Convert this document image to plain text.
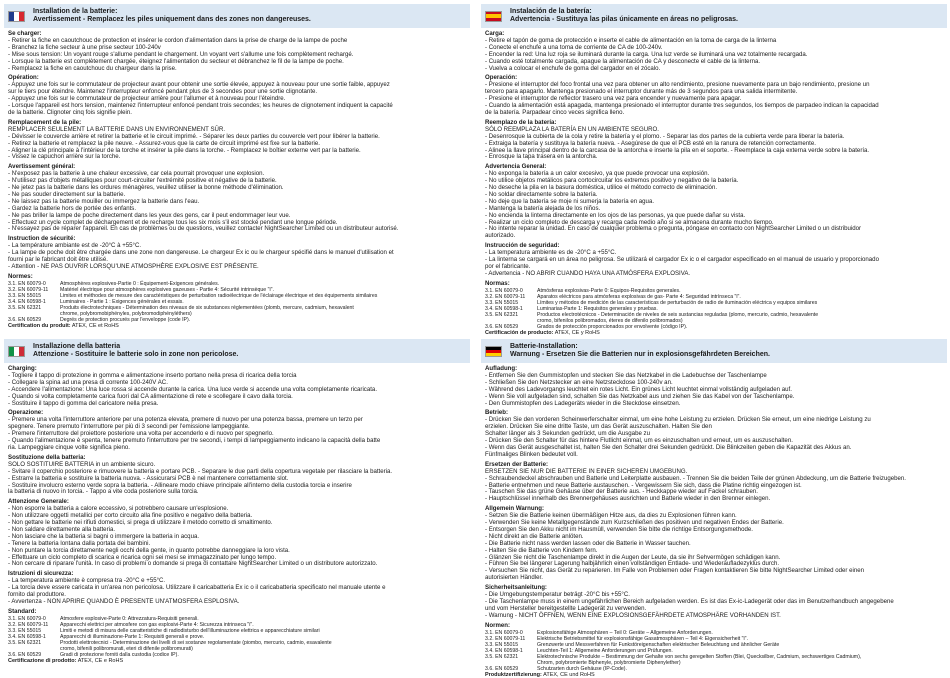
Installation de la batterie:
Avertissement - Remplacez les piles uniquement dans des zones non dangereuses.
Se charger:
- Retirer la fiche en caoutchouc de protection et insérer le cordon d'alimentation dans la prise de charge de la lampe de poche
- Branchez la fiche secteur à une prise secteur 100-240v
- Mise sous tension: Un voyant rouge s'allume pendant le chargement. Un voyant vert s'allume une fois complètement rechargé.
- Lorsque la batterie est complètement chargée, éteignez l'alimentation du secteur et débranchez le fil de la lampe de poche.
- Remplacez la fiche en caoutchouc du chargeur dans la prise.
Opération:
- Appuyez une fois sur le commutateur de projecteur avant pour obtenir une sortie élevée, appuyez à nouveau pour une sortie faible, appuyez
sur le tiers pour éteindre. Maintenez l'interrupteur enfoncé pendant plus de 3 secondes pour une sortie clignotante.
- Appuyez une fois sur le commutateur de projecteur arrière pour l'allumer et à nouveau pour l'éteindre.
- Lorsque l'appareil est hors tension, maintenez l'interrupteur enfoncé pendant trois secondes; les heures de clignotement indiquent la capacité
de la batterie. Clignoter cinq fois signifie plein.
Remplacement de la pile:
REMPLACER SEULEMENT LA BATTERIE DANS UN ENVIRONNEMENT SÛR.
- Dévisser le couvercle arrière et retirer la batterie et le circuit imprimé. - Séparer les deux parties du couvercle vert pour libérer la batterie.
- Retirez la batterie et remplacez la pile neuve. - Assurez-vous que la carte de circuit imprimé est fixe sur la batterie.
- Aligner la clé principale à l'intérieur de la torche et insérer la pile dans la torche. - Remplacez le boîtier externe vert par la batterie.
- Vissez le capuchon arrière sur la torche.
Avertissement général:
- N'exposez pas la batterie à une chaleur excessive, car cela pourrait provoquer une explosion.
- N'utilisez pas d'objets métalliques pour court-circuiter l'extrémité positive et négative de la batterie.
- Ne jetez pas la batterie dans les ordures ménagères, veuillez utiliser la bonne méthode d'élimination.
- Ne pas souder directement sur la batterie.
- Ne laissez pas la batterie mouiller ou immergez la batterie dans l'eau.
- Gardez la batterie hors de portée des enfants.
- Ne pas briller la lampe de poche directement dans les yeux des gens, car il peut endommager leur vue.
- Effectuez un cycle complet de déchargement et de recharge tous les six mois s'il est stocké pendant une longue période.
- N'essayez pas de réparer l'appareil. En cas de problèmes ou de questions, veuillez contacter NightSearcher Limited ou un distributeur autorisé.
Instruction de sécurité:
- La température ambiante est de -20°C à +55°C.
- La lampe de poche doit être chargée dans une zone non dangereuse. Le chargeur Ex ic ou le chargeur spécifié dans le manuel d'utilisation et
fourni par le fabricant doit être utilisé.
- Attention - NE PAS OUVRIR LORSQU'UNE ATMOSPHÈRE EXPLOSIVE EST PRÉSENTE.
Normes:
3.1. EN 60079-0	Atmosphères explosives-Partie 0 : Équipement-Exigences générales.
3.2. EN 60079-11	Matériel électrique pour atmosphères explosives gazeuses - Partie 4: Sécurité intrinsèque "i".
3.3. EN 55015	Limites et méthodes de mesure des caractéristiques de perturbation radioélectrique de l'éclairage électrique et des équipements similaires
3.4. EN 60598-1	Luminaires - Partie 1 : Exigences générales et essais.
3.5. EN 62321	Produits électrotechniques - Détermination des niveaux de six substances réglementées (plomb, mercure, cadmium, hexavalent
chrome, polybromobiphényles, polybromodiphényléthers)
3.6. EN 60529	Degrés de protection procurés par l'enveloppe (code IP).
Certification du produit: ATEX, CE et RoHS
Instalación de la batería:
Advertencia - Sustituya las pilas únicamente en áreas no peligrosas.
Carga:
- Retire el tapón de goma de protección e inserte el cable de alimentación en la toma de carga de la linterna
- Conecte el enchufe a una toma de corriente de CA de 100-240v.
- Encender la red: Una luz roja se iluminará durante la carga. Una luz verde se iluminará una vez totalmente recargada.
- Cuando esté totalmente cargada, apague la alimentación de CA y desconecte el cable de la linterna.
- Vuelva a colocar el enchufe de goma del cargador en el zócalo.
Operación:
- Presione el interruptor del foco frontal una vez para obtener un alto rendimiento, presione nuevamente para un bajo rendimiento, presione un
tercero para apagarlo. Mantenga presionado el interruptor durante más de 3 segundos para una salida intermitente.
- Presione el interruptor de reflector trasero una vez para encender y nuevamente para apagar.
- Cuando la alimentación está apagada, mantenga presionado el interruptor durante tres segundos, los tiempos de parpadeo indican la capacidad
de la batería. Parpadear cinco veces significa lleno.
Reemplazo de la batería:
SÓLO REEMPLAZA LA BATERÍA EN UN AMBIENTE SEGURO.
- Desenrosque la cubierta de la cola y retire la batería y el plomo. - Separar las dos partes de la cubierta verde para liberar la batería.
- Extraiga la batería y sustituya la batería nueva. - Asegúrese de que el PCB esté en la ranura de retención correctamente.
- Alinee la llave principal dentro de la carcasa de la antorcha e inserte la pila en el soporte. - Reemplace la caja externa verde sobre la batería.
- Enrosque la tapa trasera en la antorcha.
Advertencia General:
- No exponga la batería a un calor excesivo, ya que puede provocar una explosión.
- No utilice objetos metálicos para cortocircuitar los extremos positivo y negativo de la batería.
- No deseche la pila en la basura doméstica, utilice el método correcto de eliminación.
- No soldar directamente sobre la batería.
- No deje que la batería se moje ni sumerja la batería en agua.
- Mantenga la batería alejada de los niños.
- No encienda la linterna directamente en los ojos de las personas, ya que puede dañar su vista.
- Realizar un ciclo completo de descarga y recarga cada medio año si se almacena durante mucho tiempo.
- No intente reparar la unidad. En caso de cualquier problema o pregunta, póngase en contacto con NightSearcher Limited o un distribuidor
autorizado.
Instrucción de seguridad:
- La temperatura ambiente es de -20°C a +55°C.
- La linterna se cargará en un área no peligrosa. Se utilizará el cargador Ex ic o el cargador especificado en el manual de usuario y proporcionado
por el fabricante.
- Advertencia - NO ABRIR CUANDO HAYA UNA ATMÓSFERA EXPLOSIVA.
Normas:
3.1. EN 60079-0	Atmósferas explosivas-Parte 0: Equipos-Requisitos generales.
3.2. EN 60079-11	Aparatos eléctricos para atmósferas explosivas de gas- Parte 4: Seguridad intrínseca "i".
3.3. EN 55015	Límites y métodos de medición de las características de perturbación de radio de iluminación eléctrica y equipos similares
3.4. EN 60598-1	Luminarias-Parte 1: Requisitos generales y pruebas.
3.5. EN 62321	Productos electrotécnicos - Determinación de niveles de seis sustancias reguladas (plomo, mercurio, cadmio, hexavalente
cromo, bifenilos polibromados, éteres de difenilo polibromados)
3.6. EN 60529	Grados de protección proporcionados por envolvente (código IP).
Certificación de producto: ATEX, CE y RoHS
Installazione della batteria
Attenzione - Sostituire le batterie solo in zone non pericolose.
Charging:
- Togliere il tappo di protezione in gomma e alimentazione inserto portano nella presa di ricarica della torcia
- Collegare la spina ad una presa di corrente 100-240V AC.
- Accendere l'alimentazione: Una luce rossa si accende durante la carica. Una luce verde si accende una volta completamente ricaricata.
- Quando si volta completamente carica fuori dal CA alimentazione di rete e scollegare il cavo dalla torcia.
- Sostituire il tappo di gomma del caricatore nella presa.
Operazione:
- Premere una volta l'interruttore anteriore per una potenza elevata, premere di nuovo per una potenza bassa, premere un terzo per
spegnere. Tenere premuto l'interruttore per più di 3 secondi per l'emissione lampeggiante.
- Premere l'interruttore del proiettore posteriore una volta per accenderlo e di nuovo per spegnerlo.
- Quando l'alimentazione è spenta, tenere premuto l'interruttore per tre secondi, i tempi di lampeggiamento indicano la capacità della batte
ria. Lampeggiare cinque volte significa pieno.
Sostituzione della batteria:
SOLO SOSTITUIRE BATTERIA in un ambiente sicuro.
- Svitare il coperchio posteriore e rimuovere la batteria e portare PCB. - Separare le due parti della copertura vegetale per rilasciare la batteria.
- Estrarre la batteria e sostituire la batteria nuova. - Assicurarsi PCB è nel mantenere correttamente slot.
- Sostituire involucro esterno verde sopra la batteria. - Allineare modo chiave principale all'interno della custodia torcia e inserire
la batteria di nuovo in torcia. - Tappo a vite coda posteriore sulla torcia.
Attenzione Generale:
- Non esporre la batteria a calore eccessivo, si potrebbero causare un'esplosione.
- Non utilizzare oggetti metallici per corto circuito alla fine positivo e negativo della batteria.
- Non gettare le batterie nei rifiuti domestici, si prega di utilizzare il metodo corretto di smaltimento.
- Non saldare direttamente alla batteria.
- Non lasciare che la batteria si bagni o immergere la batteria in acqua.
- Tenere la batteria lontana dalla portata dei bambini.
- Non puntare la torcia direttamente negli occhi della gente, in quanto potrebbe danneggiare la loro vista.
- Effettuare un ciclo completo di scarica e ricarica ogni sei mesi se immagazzinato per lungo tempo.
- Non cercare di riparare l'unità. In caso di problemi o domande si prega di contattare NightSearcher Limited o un distributore autorizzato.
Istruzioni di sicurezza:
- La temperatura ambiente è compresa tra -20°C e +55°C.
- La torcia deve essere caricata in un'area non pericolosa. Utilizzare il caricabatteria Ex ic o il caricabatteria specificato nel manuale utente e
fornito dal produttore.
- Avvertenza - NON APRIRE QUANDO È PRESENTE UN'ATMOSFERA ESPLOSIVA.
Standard:
3.1. EN 60079-0	Atmosfere esplosive-Parte 0: Attrezzatura-Requisiti generali.
3.2. EN 60079-11	Apparecchi elettrici per atmosfere con gas esplosivi-Parte 4: Sicurezza intrinseca "i".
3.3. EN 55015	Limiti e metodi di misura delle caratteristiche di radiodisturbo dell'illuminazione elettrica e apparecchiature similari
3.4. EN 60598-1	Apparecchi di illuminazione-Parte 1: Requisiti generali e prove.
3.5. EN 62321	Prodotti elettrotecnici - Determinazione dei livelli di sei sostanze regolamentate (piombo, mercurio, cadmio, esavalente
cromo, bifenili polibromurati, eteri di difenile polibromurati)
3.6. EN 60529	Gradi di protezione forniti dalla custodia (codice IP).
Certificazione di prodotto: ATEX, CE e RoHS
Batterie-Installation:
Warnung - Ersetzen Sie die Batterien nur in explosionsgefährdeten Bereichen.
Aufladung:
- Entfernen Sie den Gummistopfen und stecken Sie das Netzkabel in die Ladebuchse der Taschenlampe
- Schließen Sie den Netzstecker an eine Netzsteckdose 100-240v an.
- Während des Ladevorgangs leuchtet ein rotes Licht. Ein grünes Licht leuchtet einmal vollständig aufgeladen auf.
- Wenn Sie voll aufgeladen sind, schalten Sie das Netzkabel aus und ziehen Sie das Kabel von der Taschenlampe.
- Den Gummistopfen des Ladegeräts wieder in die Steckdose einsetzen.
Betrieb:
- Drücken Sie den vorderen Scheinwerferschalter einmal, um eine hohe Leistung zu erzielen. Drücken Sie erneut, um eine niedrige Leistung zu
erzielen. Drücken Sie eine dritte Taste, um das Gerät auszuschalten. Halten Sie den
Schalter länger als 3 Sekunden gedrückt, um die Ausgabe zu
- Drücken Sie den Schalter für das hintere Flutlicht einmal, um es einzuschalten und erneut, um es auszuschalten.
- Wenn das Gerät ausgeschaltet ist, halten Sie den Schalter drei Sekunden gedrückt. Die Blinkzeiten geben die Kapazität des Akkus an.
Fünfmaliges Blinken bedeutet voll.
Ersetzen der Batterie:
ERSETZEN SIE NUR DIE BATTERIE IN EINER SICHEREN UMGEBUNG.
- Schraubendeckel abschrauben und Batterie und Leiterplatte ausbauen. - Trennen Sie die beiden Teile der grünen Abdeckung, um die Batterie freizugeben.
- Batterie entnehmen und neue Batterie austauschen. - Vergewissern Sie sich, dass die Platine richtig eingezogen ist.
- Tauschen Sie das grüne Gehäuse über der Batterie aus. - Heckkappe wieder auf Fackel schrauben.
- Hauptschlüssel innerhalb des Brennergehäuses ausrichten und Batterie wieder in den Brenner einlegen.
Allgemein Warnung:
- Setzen Sie die Batterie keinen übermäßigen Hitze aus, da dies zu Explosionen führen kann.
- Verwenden Sie keine Metallgegenstände zum Kurzschließen des positiven und negativen Endes der Batterie.
- Entsorgen Sie den Akku nicht im Hausmüll, verwenden Sie bitte die richtige Entsorgungsmethode.
- Nicht direkt an die Batterie anlöten.
- Die Batterie nicht nass werden lassen oder die Batterie in Wasser tauchen.
- Halten Sie die Batterie von Kindern fern.
- Glänzen Sie nicht die Taschenlampe direkt in die Augen der Leute, da sie ihr Sehvermögen schädigen kann.
- Führen Sie bei längerer Lagerung halbjährlich einen vollständigen Entlade- und Wiederaufladezyklus durch.
- Versuchen Sie nicht, das Gerät zu reparieren. Im Falle von Problemen oder Fragen kontaktieren Sie bitte NightSearcher Limited oder einen
autorisierten Händler.
Sicherheitsanleitung:
- Die Umgebungstemperatur beträgt -20°C bis +55°C.
- Die Taschenlampe muss in einem ungefährlichen Bereich aufgeladen werden. Es ist das Ex-ic-Ladegerät oder das im Benutzerhandbuch angegebene
und vom Hersteller bereitgestellte Ladegerät zu verwenden.
- Warnung - NICHT ÖFFNEN, WENN EINE EXPLOSIONSGEFÄHRDETE ATMOSPHÄRE VORHANDEN IST.
Normen:
3.1. EN 60079-0	Explosionsfähige Atmosphären – Teil 0: Geräte – Allgemeine Anforderungen.
3.2. EN 60079-11	Elektrische Betriebsmittel für explosionsfähige Gasatmosphären – Teil 4: Eigensicherheit "i".
3.3. EN 55015	Grenzwerte und Messverfahren für Funkstöreigenschaften elektrischer Beleuchtung und ähnlicher Geräte
3.4. EN 60598-1	Leuchten-Teil 1: Allgemeine Anforderungen und Prüfungen.
3.5. EN 62321	Elektrotechnische Produkte – Bestimmung der Gehalte von sechs geregelten Stoffen (Blei, Quecksilber, Cadmium, sechswertiges Cadmium),
Chrom, polybromierte Biphenyle, polybromierte Diphenylether)
3.6. EN 60529	Schutzarten durch Gehäuse (IP-Code).
Produktzertifizierung: ATEX, CE und RoHS
